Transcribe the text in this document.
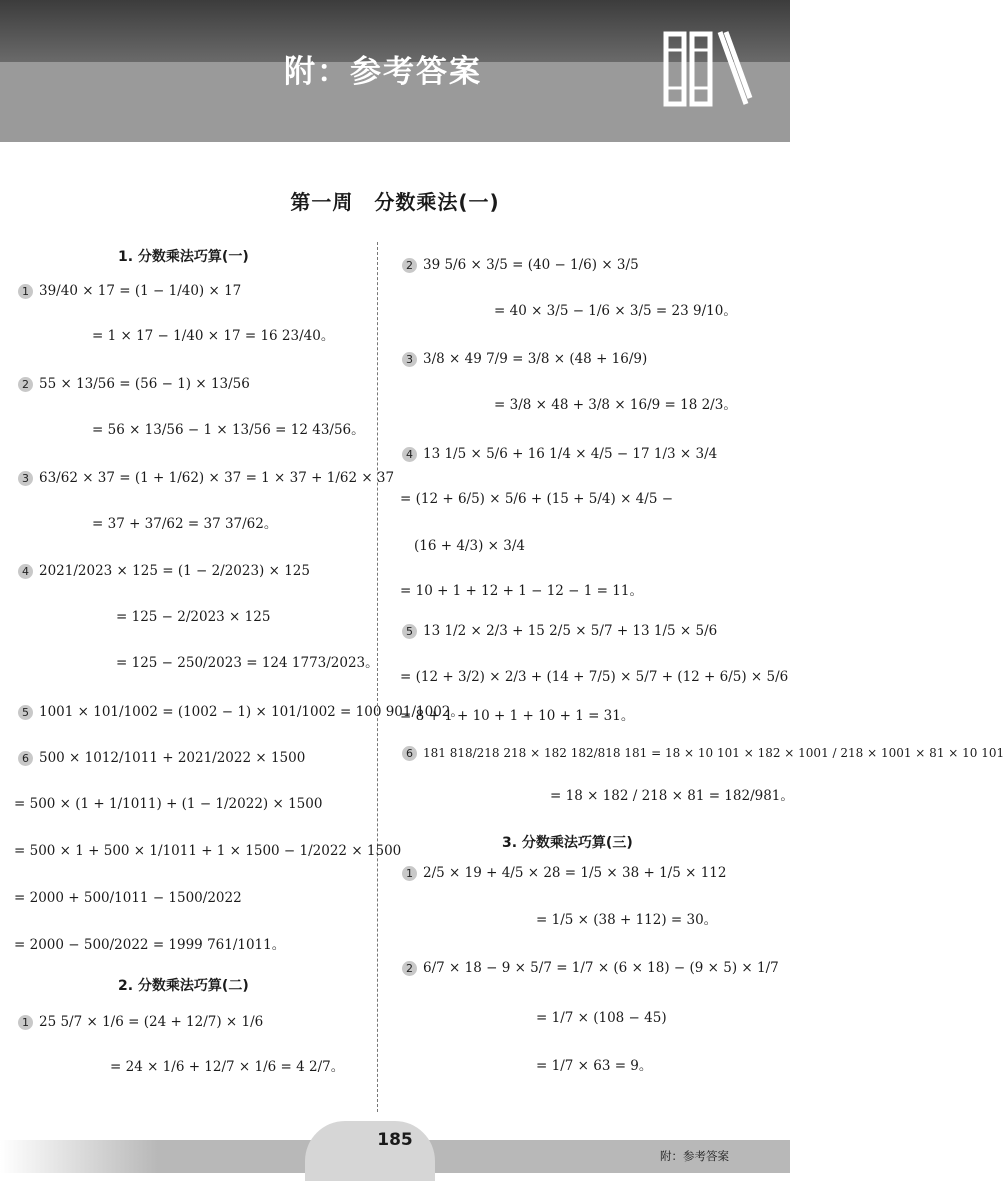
附：参考答案
第一周　分数乘法(一)
1. 分数乘法巧算(一)
2. 分数乘法巧算(二)
3. 分数乘法巧算(三)
1 39/40 × 17 = (1 − 1/40) × 17
= 1 × 17 − 1/40 × 17 = 16 23/40。
2 55 × 13/56 = (56 − 1) × 13/56
= 56 × 13/56 − 1 × 13/56 = 12 43/56。
3 63/62 × 37 = (1 + 1/62) × 37 = 1 × 37 + 1/62 × 37
= 37 + 37/62 = 37 37/62。
4 2021/2023 × 125 = (1 − 2/2023) × 125
= 125 − 2/2023 × 125
= 125 − 250/2023 = 124 1773/2023。
5 1001 × 101/1002 = (1002 − 1) × 101/1002 = 100 901/1002。
6 500 × 1012/1011 + 2021/2022 × 1500
= 500 × (1 + 1/1011) + (1 − 1/2022) × 1500
= 500 × 1 + 500 × 1/1011 + 1 × 1500 − 1/2022 × 1500
= 2000 + 500/1011 − 1500/2022
= 2000 − 500/2022 = 1999 761/1011。
1 25 5/7 × 1/6 = (24 + 12/7) × 1/6
= 24 × 1/6 + 12/7 × 1/6 = 4 2/7。
2 39 5/6 × 3/5 = (40 − 1/6) × 3/5
= 40 × 3/5 − 1/6 × 3/5 = 23 9/10。
3 3/8 × 49 7/9 = 3/8 × (48 + 16/9)
= 3/8 × 48 + 3/8 × 16/9 = 18 2/3。
4 13 1/5 × 5/6 + 16 1/4 × 4/5 − 17 1/3 × 3/4
= (12 + 6/5) × 5/6 + (15 + 5/4) × 4/5 −
(16 + 4/3) × 3/4
= 10 + 1 + 12 + 1 − 12 − 1 = 11。
5 13 1/2 × 2/3 + 15 2/5 × 5/7 + 13 1/5 × 5/6
= (12 + 3/2) × 2/3 + (14 + 7/5) × 5/7 + (12 + 6/5) × 5/6
= 8 + 1 + 10 + 1 + 10 + 1 = 31。
6 181 818/218 218 × 182 182/818 181 = 18 × 10 101 × 182 × 1001 / 218 × 1001 × 81 × 10 101
= 18 × 182 / 218 × 81 = 182/981。
1 2/5 × 19 + 4/5 × 28 = 1/5 × 38 + 1/5 × 112
= 1/5 × (38 + 112) = 30。
2 6/7 × 18 − 9 × 5/7 = 1/7 × (6 × 18) − (9 × 5) × 1/7
= 1/7 × (108 − 45)
= 1/7 × 63 = 9。
185
附：参考答案
